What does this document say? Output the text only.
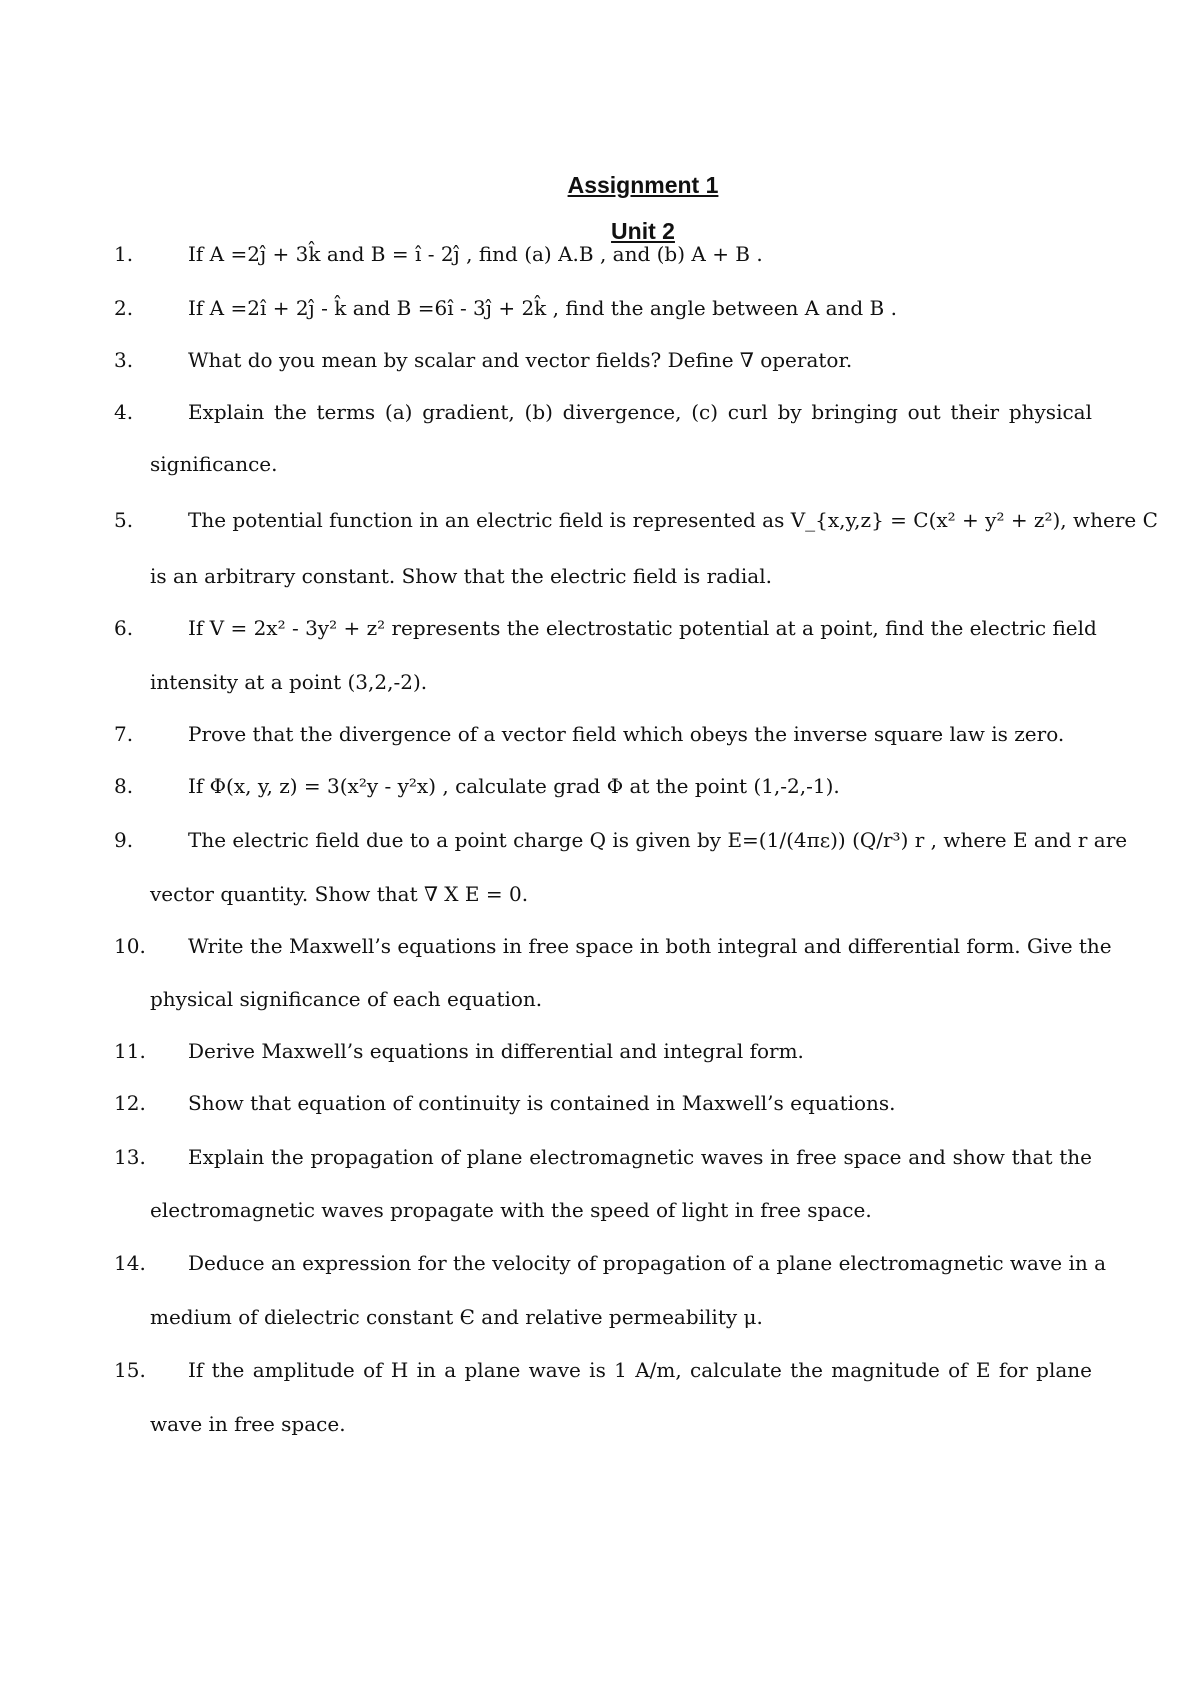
Assignment 1
Unit 2
1.	If A =2ĵ + 3k̂ and B = î - 2ĵ , find (a) A.B , and (b) A + B .
2.	If A =2î + 2ĵ - k̂ and B =6î - 3ĵ + 2k̂ , find the angle between A and B .
3.	What do you mean by scalar and vector fields? Define ∇ operator.
4.	Explain the terms (a) gradient, (b) divergence, (c) curl by bringing out their physical
significance.
5.	The potential function in an electric field is represented as V_{x,y,z} = C(x² + y² + z²), where C
is an arbitrary constant. Show that the electric field is radial.
6.	If V = 2x² - 3y² + z² represents the electrostatic potential at a point, find the electric field
intensity at a point (3,2,-2).
7.	Prove that the divergence of a vector field which obeys the inverse square law is zero.
8.	If Φ(x, y, z) = 3(x²y - y²x) , calculate grad Φ at the point (1,-2,-1).
9.	The electric field due to a point charge Q is given by E=(1/(4πε)) (Q/r³) r , where E and r are
vector quantity. Show that ∇ X E = 0.
10. Write the Maxwell’s equations in free space in both integral and differential form. Give the
physical significance of each equation.
11. Derive Maxwell’s equations in differential and integral form.
12. Show that equation of continuity is contained in Maxwell’s equations.
13. Explain the propagation of plane electromagnetic waves in free space and show that the
electromagnetic waves propagate with the speed of light in free space.
14. Deduce an expression for the velocity of propagation of a plane electromagnetic wave in a
medium of dielectric constant Є and relative permeability μ.
15. If the amplitude of H in a plane wave is 1 A/m, calculate the magnitude of E for plane
wave in free space.
